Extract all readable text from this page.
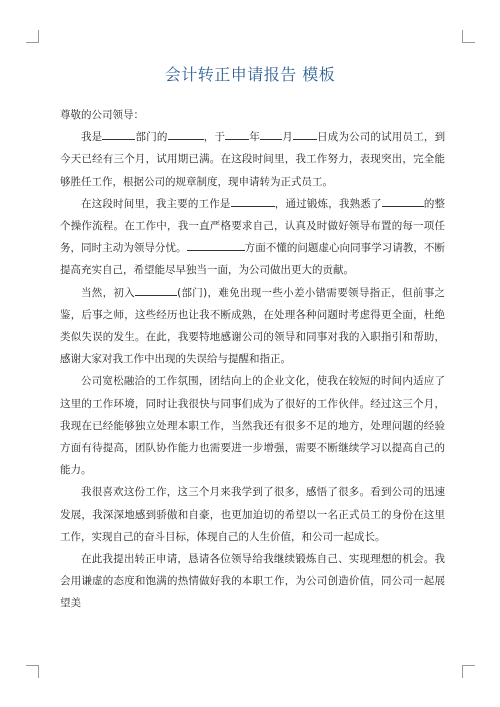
会计转正申请报告 模板
尊敬的公司领导：

我是	部门的	，于 年 月 日成为公司的试用员工，到今天已经有三个月，试用期已满。在这段时间里，我工作努力，表现突出，完全能够胜任工作，根据公司的规章制度，现申请转为正式员工。

在这段时间里，我主要的工作是	，通过锻炼，我熟悉了	的整个操作流程。在工作中，我一直严格要求自己，认真及时做好领导布置的每一项任务，同时主动为领导分忧。	方面不懂的问题虚心向同事学习请教，不断提高充实自己，希望能尽早独当一面，为公司做出更大的贡献。

当然，初入	(部门)，难免出现一些小差小错需要领导指正，但前事之鉴，后事之师，这些经历也让我不断成熟，在处理各种问题时考虑得更全面，杜绝类似失误的发生。在此，我要特地感谢公司的领导和同事对我的入职指引和帮助，感谢大家对我工作中出现的失误给与提醒和指正。

公司宽松融洽的工作氛围，团结向上的企业文化，使我在较短的时间内适应了这里的工作环境，同时让我很快与同事们成为了很好的工作伙伴。经过这三个月，我现在已经能够独立处理本职工作，当然我还有很多不足的地方，处理问题的经验方面有待提高，团队协作能力也需要进一步增强，需要不断继续学习以提高自己的能力。

我很喜欢这份工作，这三个月来我学到了很多，感悟了很多。看到公司的迅速发展，我深深地感到骄傲和自豪，也更加迫切的希望以一名正式员工的身份在这里工作，实现自己的奋斗目标，体现自己的人生价值，和公司一起成长。

在此我提出转正申请，恳请各位领导给我继续锻炼自己、实现理想的机会。我会用谦虚的态度和饱满的热情做好我的本职工作，为公司创造价值，同公司一起展望美
